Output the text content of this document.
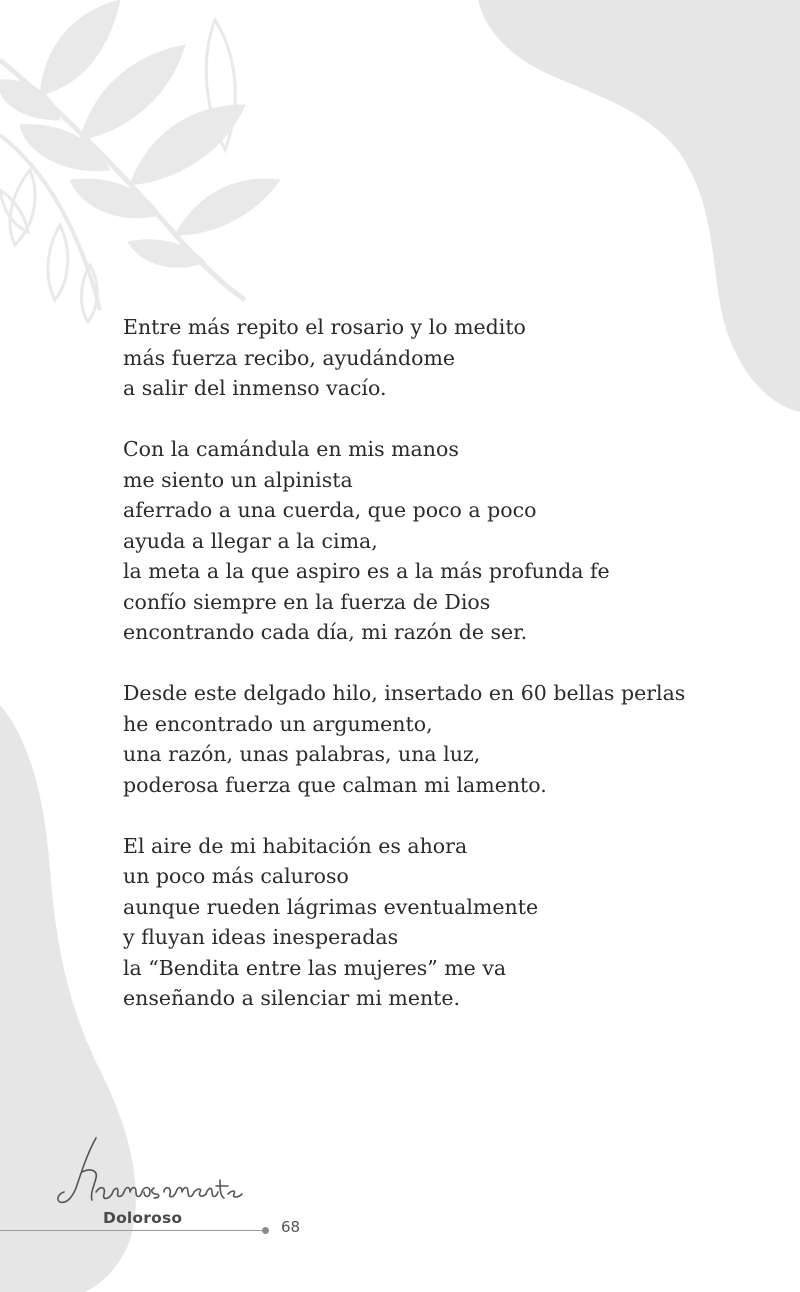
Entre más repito el rosario y lo medito
más fuerza recibo, ayudándome
a salir del inmenso vacío.
Con la camándula en mis manos
me siento un alpinista
aferrado a una cuerda, que poco a poco
ayuda a llegar a la cima,
la meta a la que aspiro es a la más profunda fe
confío siempre en la fuerza de Dios
encontrando cada día, mi razón de ser.
Desde este delgado hilo, insertado en 60 bellas perlas
he encontrado un argumento,
una razón, unas palabras, una luz,
poderosa fuerza que calman mi lamento.
El aire de mi habitación es ahora
un poco más caluroso
aunque rueden lágrimas eventualmente
y fluyan ideas inesperadas
la “Bendita entre las mujeres” me va
enseñando a silenciar mi mente.
Doloroso	68
